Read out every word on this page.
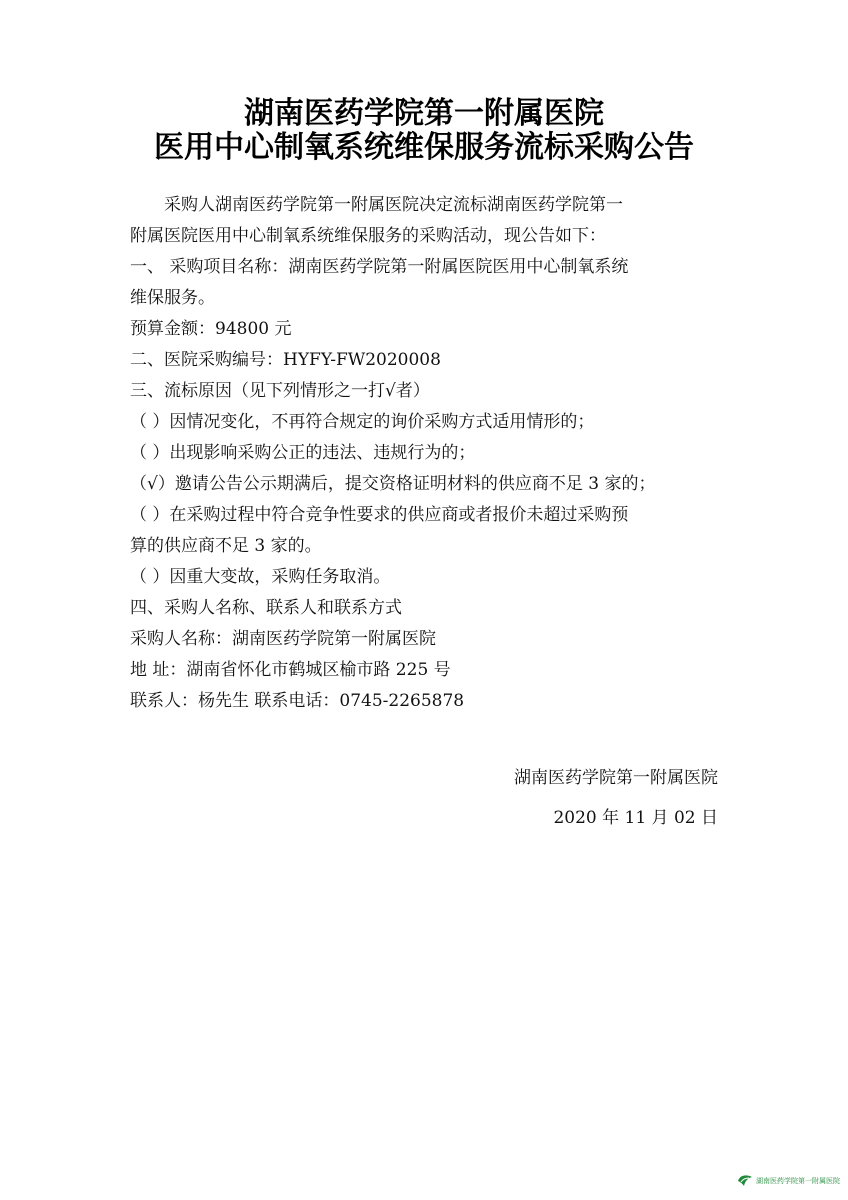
湖南医药学院第一附属医院
医用中心制氧系统维保服务流标采购公告

采购人湖南医药学院第一附属医院决定流标湖南医药学院第一

附属医院医用中心制氧系统维保服务的采购活动，现公告如下：

一、 采购项目名称：湖南医药学院第一附属医院医用中心制氧系统

维保服务。

预算金额：94800 元

二、医院采购编号：HYFY-FW2020008

三、流标原因（见下列情形之一打√者）

（ ）因情况变化，不再符合规定的询价采购方式适用情形的；

（ ）出现影响采购公正的违法、违规行为的；

（√）邀请公告公示期满后，提交资格证明材料的供应商不足 3 家的；

（ ）在采购过程中符合竞争性要求的供应商或者报价未超过采购预

算的供应商不足 3 家的。

（ ）因重大变故，采购任务取消。

四、采购人名称、联系人和联系方式

采购人名称：湖南医药学院第一附属医院

地 址：湖南省怀化市鹤城区榆市路 225 号

联系人：杨先生 联系电话：0745-2265878

湖南医药学院第一附属医院
2020 年 11 月 02 日
湖南医药学院第一附属医院
